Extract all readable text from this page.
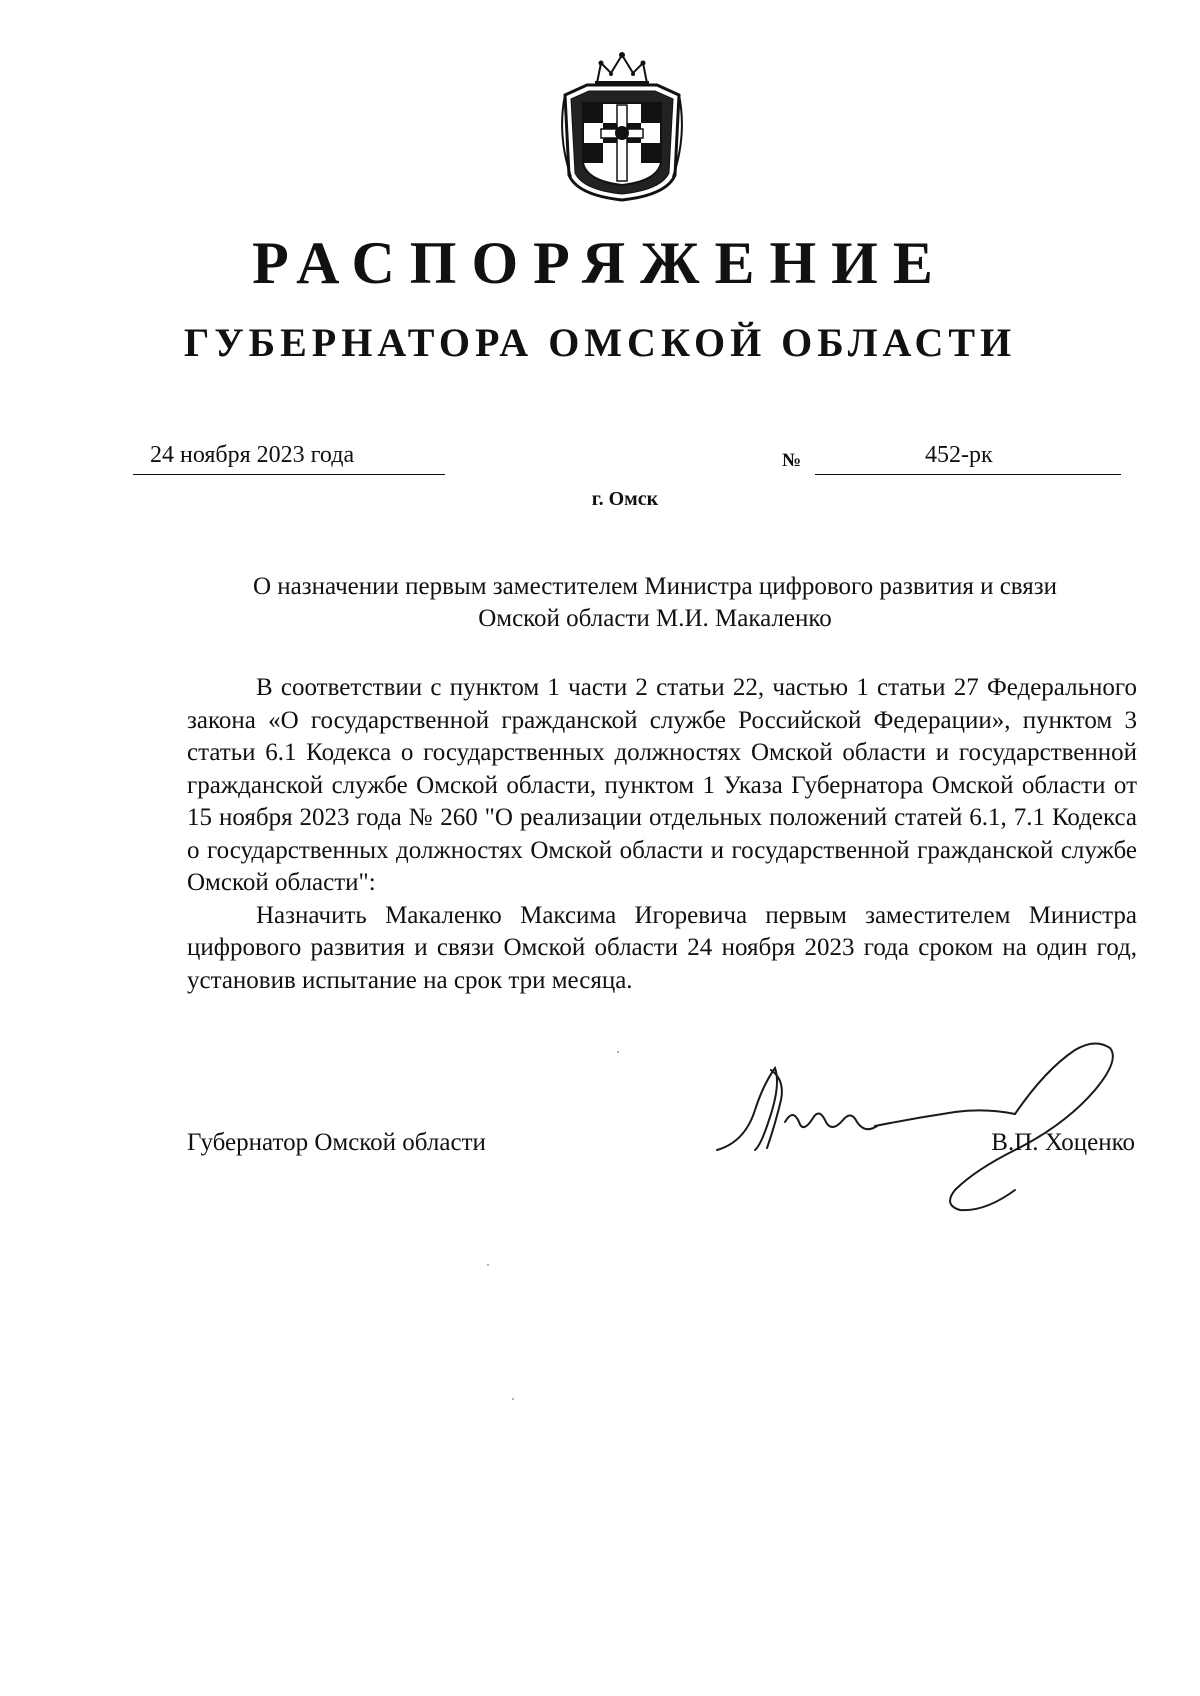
РАСПОРЯЖЕНИЕ
ГУБЕРНАТОРА ОМСКОЙ ОБЛАСТИ
24 ноября 2023 года	№	452-рк
г. Омск
О назначении первым заместителем Министра цифрового развития и связи
Омской области М.И. Макаленко

В соответствии с пунктом 1 части 2 статьи 22, частью 1 статьи 27 Федерального закона «О государственной гражданской службе Российской Федерации», пунктом 3 статьи 6.1 Кодекса о государственных должностях Омской области и государственной гражданской службе Омской области, пунктом 1 Указа Губернатора Омской области от 15 ноября 2023 года № 260 "О реализации отдельных положений статей 6.1, 7.1 Кодекса о государственных должностях Омской области и государственной гражданской службе Омской области":

Назначить Макаленко Максима Игоревича первым заместителем Министра цифрового развития и связи Омской области 24 ноября 2023 года сроком на один год, установив испытание на срок три месяца.

Губернатор Омской области	В.П. Хоценко
